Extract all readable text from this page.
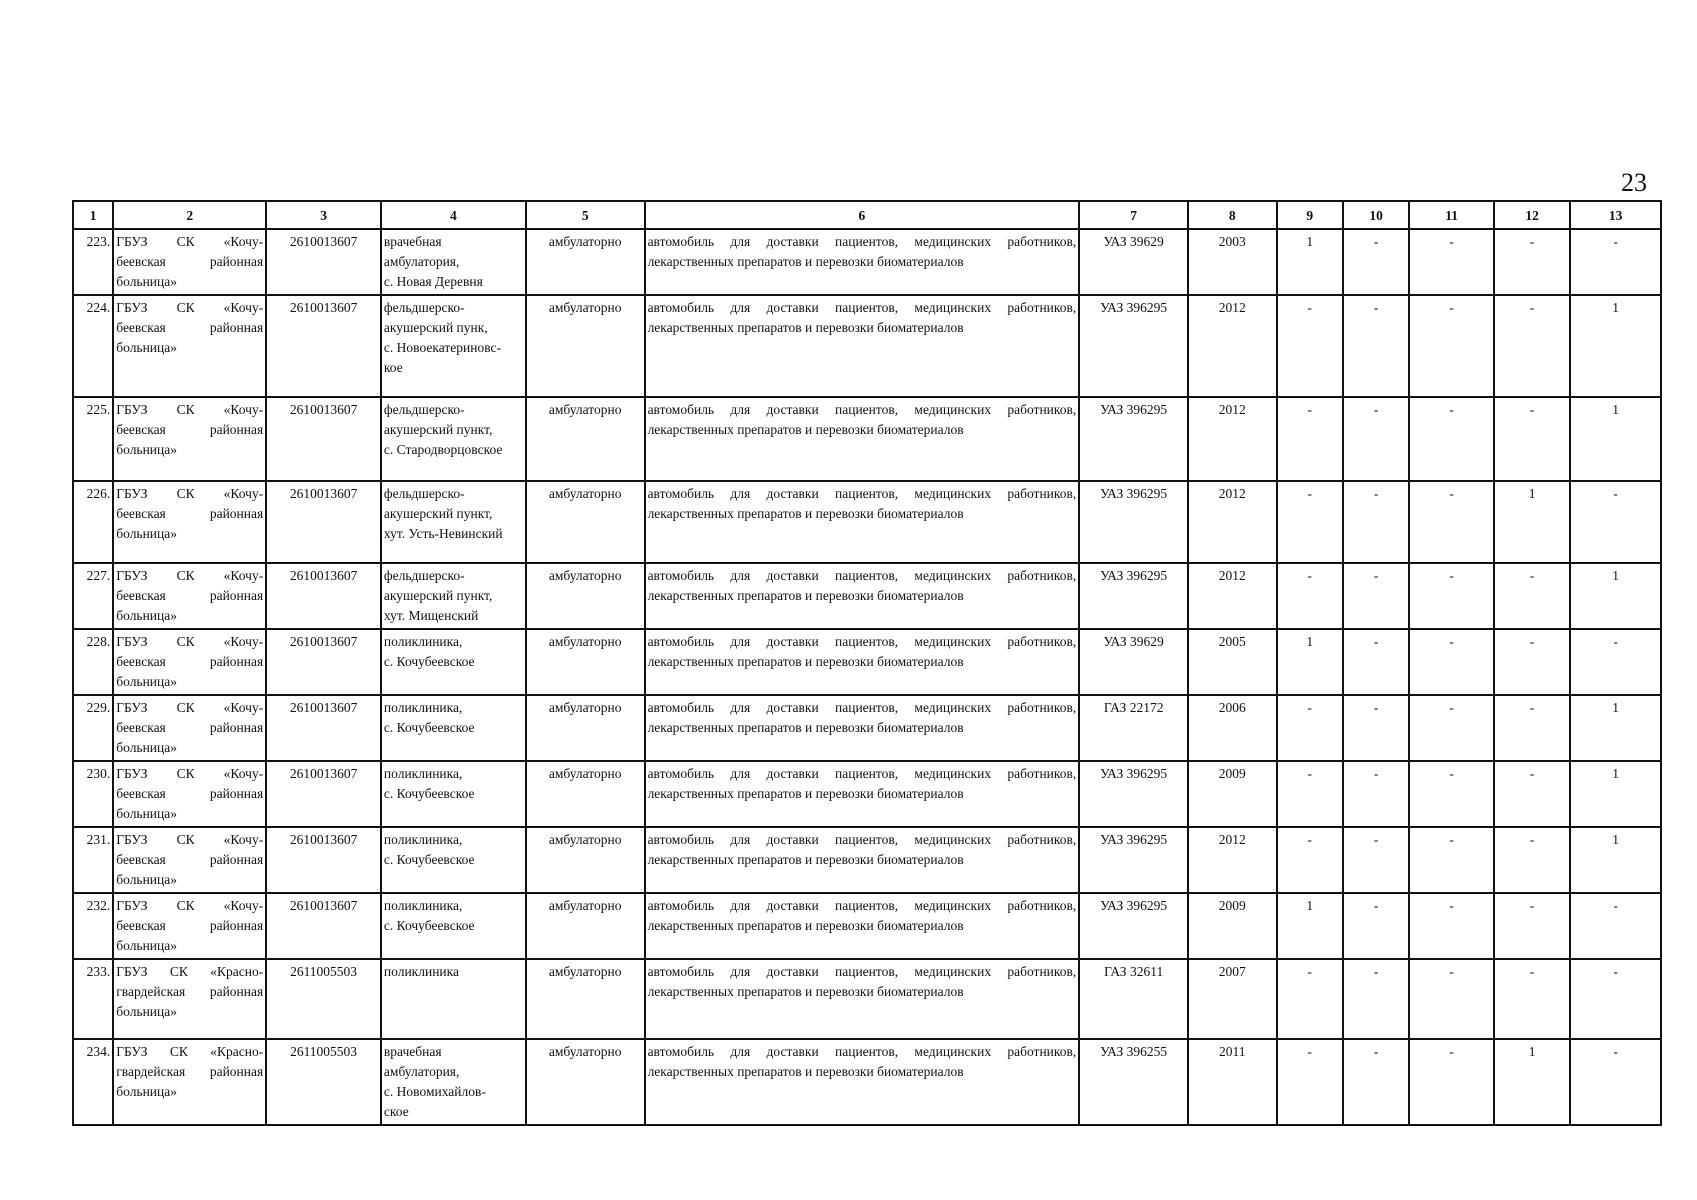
23
1	2	3	4	5	6	7	8	9	10	11	12	13
223.	ГБУЗ СК «Кочу-
беевская районная
больница»	2610013607	врачебная
амбулатория,
с. Новая Деревня	амбулаторно	автомобиль для доставки пациентов, медицинских работников, лекарственных препаратов и перевозки биоматериалов	УАЗ 39629	2003	1	-	-	-	-
224.	ГБУЗ СК «Кочу-
беевская районная
больница»	2610013607	фельдшерско-
акушерский пунк,
с. Новоекатериновс-
кое	амбулаторно	автомобиль для доставки пациентов, медицинских работников, лекарственных препаратов и перевозки биоматериалов	УАЗ 396295	2012	-	-	-	-	1
225.	ГБУЗ СК «Кочу-
беевская районная
больница»	2610013607	фельдшерско-
акушерский пункт,
с. Стародворцовское	амбулаторно	автомобиль для доставки пациентов, медицинских работников, лекарственных препаратов и перевозки биоматериалов	УАЗ 396295	2012	-	-	-	-	1
226.	ГБУЗ СК «Кочу-
беевская районная
больница»	2610013607	фельдшерско-
акушерский пункт,
хут. Усть-Невинский	амбулаторно	автомобиль для доставки пациентов, медицинских работников, лекарственных препаратов и перевозки биоматериалов	УАЗ 396295	2012	-	-	-	1	-
227.	ГБУЗ СК «Кочу-
беевская районная
больница»	2610013607	фельдшерско-
акушерский пункт,
хут. Мищенский	амбулаторно	автомобиль для доставки пациентов, медицинских работников, лекарственных препаратов и перевозки биоматериалов	УАЗ 396295	2012	-	-	-	-	1
228.	ГБУЗ СК «Кочу-
беевская районная
больница»	2610013607	поликлиника,
с. Кочубеевское	амбулаторно	автомобиль для доставки пациентов, медицинских работников, лекарственных препаратов и перевозки биоматериалов	УАЗ 39629	2005	1	-	-	-	-
229.	ГБУЗ СК «Кочу-
беевская районная
больница»	2610013607	поликлиника,
с. Кочубеевское	амбулаторно	автомобиль для доставки пациентов, медицинских работников, лекарственных препаратов и перевозки биоматериалов	ГАЗ 22172	2006	-	-	-	-	1
230.	ГБУЗ СК «Кочу-
беевская районная
больница»	2610013607	поликлиника,
с. Кочубеевское	амбулаторно	автомобиль для доставки пациентов, медицинских работников, лекарственных препаратов и перевозки биоматериалов	УАЗ 396295	2009	-	-	-	-	1
231.	ГБУЗ СК «Кочу-
беевская районная
больница»	2610013607	поликлиника,
с. Кочубеевское	амбулаторно	автомобиль для доставки пациентов, медицинских работников, лекарственных препаратов и перевозки биоматериалов	УАЗ 396295	2012	-	-	-	-	1
232.	ГБУЗ СК «Кочу-
беевская районная
больница»	2610013607	поликлиника,
с. Кочубеевское	амбулаторно	автомобиль для доставки пациентов, медицинских работников, лекарственных препаратов и перевозки биоматериалов	УАЗ 396295	2009	1	-	-	-	-
233.	ГБУЗ СК «Красно-
гвардейская районная
больница»	2611005503	поликлиника	амбулаторно	автомобиль для доставки пациентов, медицинских работников, лекарственных препаратов и перевозки биоматериалов	ГАЗ 32611	2007	-	-	-	-	-
234.	ГБУЗ СК «Красно-
гвардейская районная
больница»	2611005503	врачебная
амбулатория,
с. Новомихайлов-
ское	амбулаторно	автомобиль для доставки пациентов, медицинских работников, лекарственных препаратов и перевозки биоматериалов	УАЗ 396255	2011	-	-	-	1	-
